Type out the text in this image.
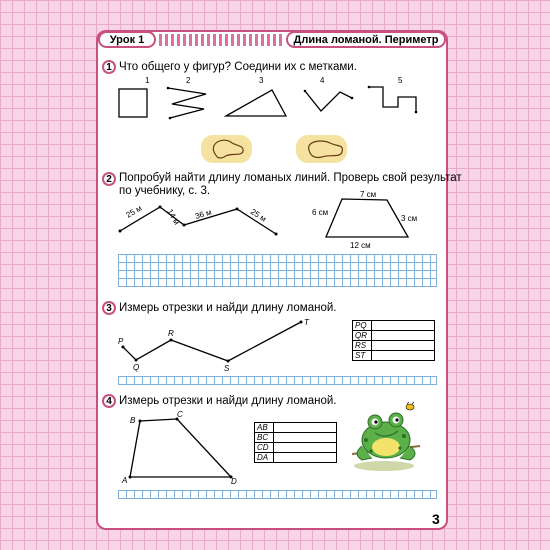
Урок 1	Длина ломаной. Периметр
1 Что общего у фигур? Соедини их с метками.
1	2	3	4	5
2 Попробуй найти длину ломаных линий. Проверь свой результат
по учебнику, с. 3.
25 м	14 м 36 м	25 м
7 см
6 см
3 см
12 см
3 Измерь отрезки и найди длину ломаной.
P
Q
R
S
T	PQ	
QR	
RS	
ST	
4 Измерь отрезки и найди длину ломаной.
A
B
C
D
AB	
BC	
CD	
DA	
3
